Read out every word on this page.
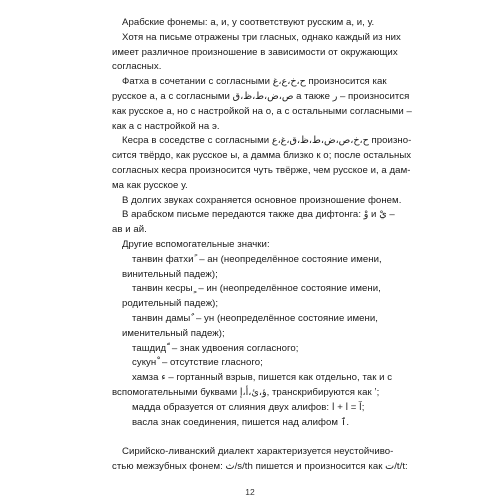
Арабские фонемы: а, и, у соответствуют русским а, и, у.
Хотя на письме отражены три гласных, однако каждый из них
имеет различное произношение в зависимости от окружающих
согласных.
Фатха в сочетании с согласными ح،خ،ع،غ произносится как
русское а, а с согласными ص،ض،ط،ظ،ق а также ر – произносится
как русское а, но с настройкой на о, а с остальными согласными –
как а с настройкой на э.
Кесра в соседстве с согласными ح،خ،ص،ض،ط،ظ،ق،غ،ع произно-
сится твёрдо, как русское ы, а дамма близко к о; после остальных
согласных кесра произносится чуть твёрже, чем русское и, а дам-
ма как русское у.
В долгих звуках сохраняется основное произношение фонем.
В арабском письме передаются также два дифтонга: وْ и يْ –
ав и ай.
Другие вспомогательные значки:
танвин фатхи ً – ан (неопределённое состояние имени,
винительный падеж);
танвин кесры ٍ – ин (неопределённое состояние имени,
родительный падеж);
танвин дамы ٌ – ун (неопределённое состояние имени,
именительный падеж);
ташдид ّ – знак удвоения согласного;
сукун ْ – отсутствие гласного;
хамза ء – гортанный взрыв, пишется как отдельно, так и с
вспомогательными буквами ؤ،ئ،أ،إ, транскрибируются как ʼ;
мадда образуется от слияния двух алифов: آ = ا + ا;
васла знак соединения, пишется над алифом ٱ.
Сирийско-ливанский диалект характеризуется неустойчиво-
стью межзубных фонем: ث/s/th пишется и произносится как ت/t/t:
12
